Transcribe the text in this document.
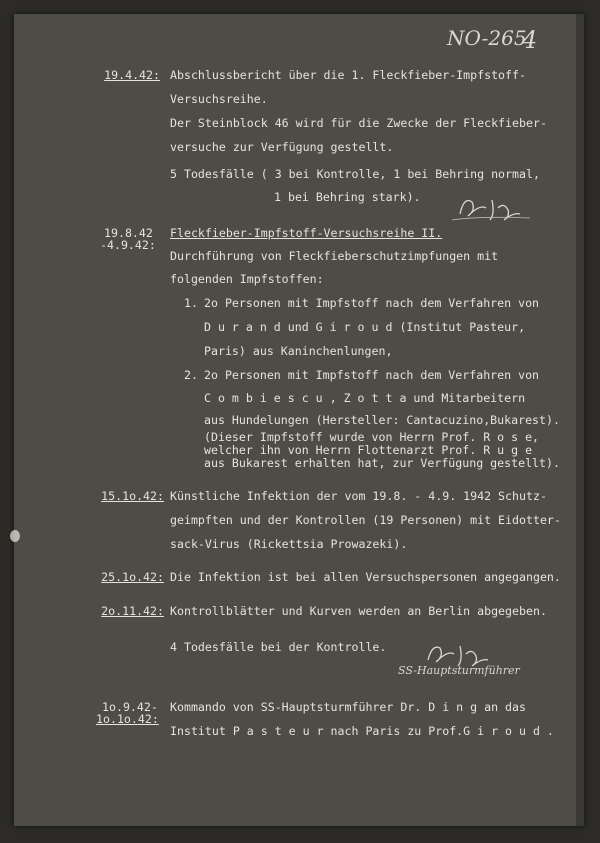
NO-265
4
19.4.42: Abschlussbericht über die 1. Fleckfieber-Impfstoff-
Versuchsreihe.
Der Steinblock 46 wird für die Zwecke der Fleckfieber-
versuche zur Verfügung gestellt.
5 Todesfälle ( 3 bei Kontrolle, 1 bei Behring normal,
1 bei Behring stark).
19.8.42
-4.9.42:
Fleckfieber-Impfstoff-Versuchsreihe II.
Durchführung von Fleckfieberschutzimpfungen mit
folgenden Impfstoffen:
1. 2o Personen mit Impfstoff nach dem Verfahren von
D u r a n d und G i r o u d (Institut Pasteur,
Paris) aus Kaninchenlungen,
2. 2o Personen mit Impfstoff nach dem Verfahren von
C o m b i e s c u , Z o t t a und Mitarbeitern
aus Hundelungen (Hersteller: Cantacuzino,Bukarest).
(Dieser Impfstoff wurde von Herrn Prof. R o s e,
welcher ihn von Herrn Flottenarzt Prof. R u g e
aus Bukarest erhalten hat, zur Verfügung gestellt).
15.1o.42: Künstliche Infektion der vom 19.8. - 4.9. 1942 Schutz-
geimpften und der Kontrollen (19 Personen) mit Eidotter-
sack-Virus (Rickettsia Prowazeki).
25.1o.42: Die Infektion ist bei allen Versuchspersonen angegangen.
2o.11.42: Kontrollblätter und Kurven werden an Berlin abgegeben.
4 Todesfälle bei der Kontrolle.
SS-Hauptsturmführer
1o.9.42-
1o.1o.42:
Kommando von SS-Hauptsturmführer Dr. D i n g an das
Institut P a s t e u r nach Paris zu Prof.G i r o u d .
